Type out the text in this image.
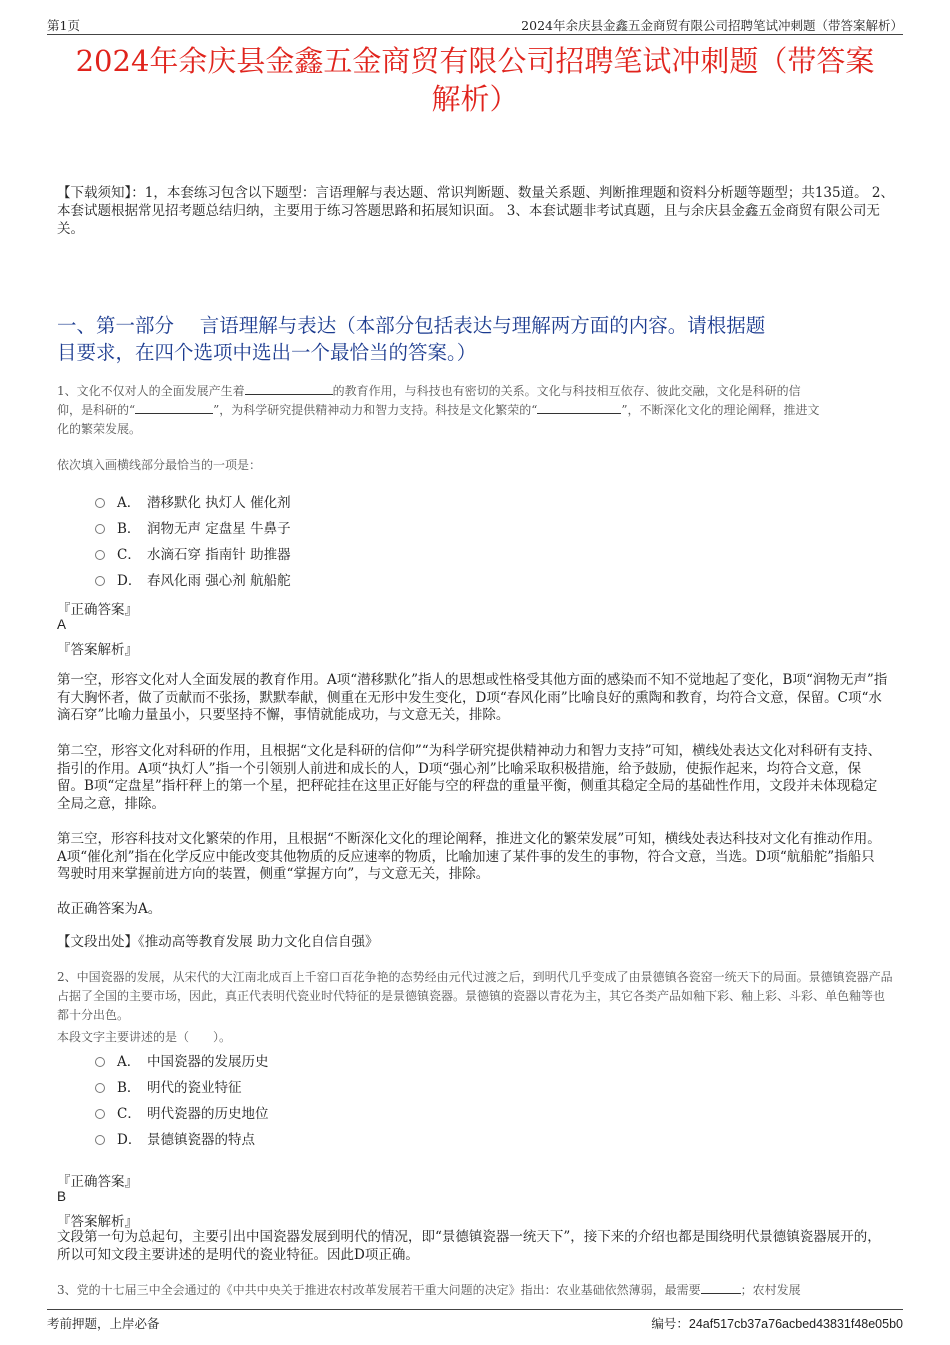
第1页	2024年余庆县金鑫五金商贸有限公司招聘笔试冲刺题（带答案解析）
2024年余庆县金鑫五金商贸有限公司招聘笔试冲刺题（带答案
解析）
【下载须知】：1，本套练习包含以下题型：言语理解与表达题、常识判断题、数量关系题、判断推理题和资料分析题等题型；共135道。 2、本套试题根据常见招考题总结归纳，主要用于练习答题思路和拓展知识面。 3、本套试题非考试真题，且与余庆县金鑫五金商贸有限公司无关。
一、第一部分　 言语理解与表达（本部分包括表达与理解两方面的内容。请根据题
目要求，在四个选项中选出一个最恰当的答案。）
1、文化不仅对人的全面发展产生着	的教育作用，与科技也有密切的关系。文化与科技相互依存、彼此交融，文化是科研的信
仰，是科研的“	”，为科学研究提供精神动力和智力支持。科技是文化繁荣的“	”，不断深化文化的理论阐释，推进文
化的繁荣发展。
依次填入画横线部分最恰当的一项是：
A． 潜移默化 执灯人 催化剂
B． 润物无声 定盘星 牛鼻子
C． 水滴石穿 指南针 助推器
D． 春风化雨 强心剂 航船舵
『正确答案』
A
『答案解析』
第一空，形容文化对人全面发展的教育作用。A项“潜移默化”指人的思想或性格受其他方面的感染而不知不觉地起了变化，B项“润物无声”指有大胸怀者，做了贡献而不张扬，默默奉献，侧重在无形中发生变化，D项“春风化雨”比喻良好的熏陶和教育，均符合文意，保留。C项“水滴石穿”比喻力量虽小，只要坚持不懈，事情就能成功，与文意无关，排除。
第二空，形容文化对科研的作用，且根据“文化是科研的信仰”“为科学研究提供精神动力和智力支持”可知，横线处表达文化对科研有支持、指引的作用。A项“执灯人”指一个引领别人前进和成长的人，D项“强心剂”比喻采取积极措施，给予鼓励，使振作起来，均符合文意，保留。B项“定盘星”指杆秤上的第一个星，把秤砣挂在这里正好能与空的秤盘的重量平衡，侧重其稳定全局的基础性作用，文段并未体现稳定全局之意，排除。
第三空，形容科技对文化繁荣的作用，且根据“不断深化文化的理论阐释，推进文化的繁荣发展”可知，横线处表达科技对文化有推动作用。A项“催化剂”指在化学反应中能改变其他物质的反应速率的物质，比喻加速了某件事的发生的事物，符合文意，当选。D项“航船舵”指船只驾驶时用来掌握前进方向的装置，侧重“掌握方向”，与文意无关，排除。
故正确答案为A。
【文段出处】《推动高等教育发展 助力文化自信自强》
2、中国瓷器的发展，从宋代的大江南北成百上千窑口百花争艳的态势经由元代过渡之后，到明代几乎变成了由景德镇各瓷窑一统天下的局面。景德镇瓷器产品占据了全国的主要市场，因此，真正代表明代瓷业时代特征的是景德镇瓷器。景德镇的瓷器以青花为主，其它各类产品如釉下彩、釉上彩、斗彩、单色釉等也都十分出色。
本段文字主要讲述的是（　　）。
A． 中国瓷器的发展历史
B． 明代的瓷业特征
C． 明代瓷器的历史地位
D． 景德镇瓷器的特点
『正确答案』
B
『答案解析』
文段第一句为总起句，主要引出中国瓷器发展到明代的情况，即“景德镇瓷器一统天下”，接下来的介绍也都是围绕明代景德镇瓷器展开的，所以可知文段主要讲述的是明代的瓷业特征。因此D项正确。
3、党的十七届三中全会通过的《中共中央关于推进农村改革发展若干重大问题的决定》指出：农业基础依然薄弱，最需要	；农村发展
考前押题，上岸必备	编号：24af517cb37a76acbed43831f48e05b0
